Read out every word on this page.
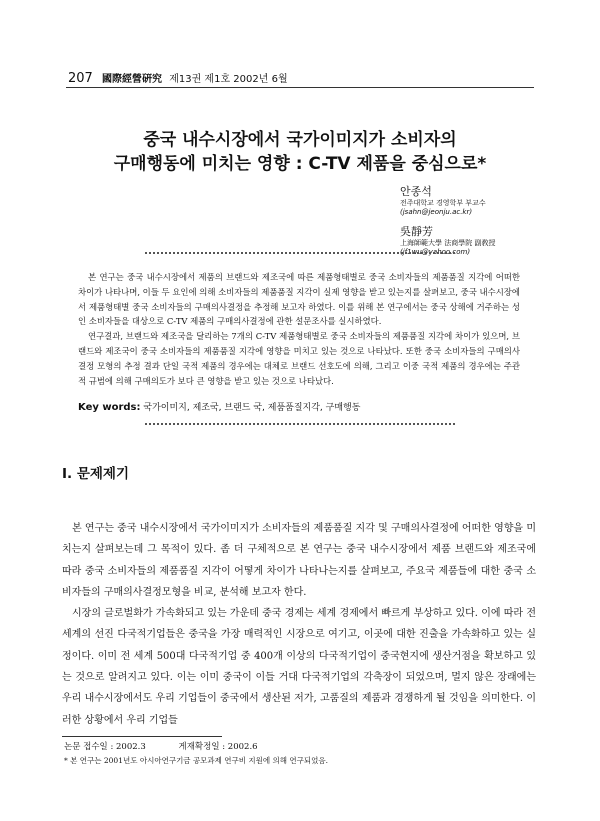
207 國際經營硏究 제13권 제1호 2002년 6월
중국 내수시장에서 국가이미지가 소비자의
구매행동에 미치는 영향 : C-TV 제품을 중심으로*
안종석
전주대학교 경영학부 부교수
(jsahn@jeonju.ac.kr)
吳靜芳
上海師範大學 法商學院 副敎授
(jf1wu@yahoo.com)

본 연구는 중국 내수시장에서 제품의 브랜드와 제조국에 따른 제품형태별로 중국 소비자들의 제품품질 지각에 어떠한 차이가 나타나며, 이들 두 요인에 의해 소비자들의 제품품질 지각이 실제 영향을 받고 있는지를 살펴보고, 중국 내수시장에서 제품형태별 중국 소비자들의 구매의사결정을 추정해 보고자 하였다. 이를 위해 본 연구에서는 중국 상해에 거주하는 성인 소비자들을 대상으로 C-TV 제품의 구매의사결정에 관한 설문조사를 실시하였다.

연구결과, 브랜드와 제조국을 달리하는 7개의 C-TV 제품형태별로 중국 소비자들의 제품품질 지각에 차이가 있으며, 브랜드와 제조국이 중국 소비자들의 제품품질 지각에 영향을 미치고 있는 것으로 나타났다. 또한 중국 소비자들의 구매의사결정 모형의 추정 결과 단일 국적 제품의 경우에는 대체로 브랜드 선호도에 의해, 그리고 이중 국적 제품의 경우에는 주관적 규범에 의해 구매의도가 보다 큰 영향을 받고 있는 것으로 나타났다.

Key words: 국가이미지, 제조국, 브랜드 국, 제품품질지각, 구매행동
Ⅰ. 문제제기

본 연구는 중국 내수시장에서 국가이미지가 소비자들의 제품품질 지각 및 구매의사결정에 어떠한 영향을 미치는지 살펴보는데 그 목적이 있다. 좀 더 구체적으로 본 연구는 중국 내수시장에서 제품 브랜드와 제조국에 따라 중국 소비자들의 제품품질 지각이 어떻게 차이가 나타나는지를 살펴보고, 주요국 제품들에 대한 중국 소비자들의 구매의사결정모형을 비교, 분석해 보고자 한다.

시장의 글로벌화가 가속화되고 있는 가운데 중국 경제는 세계 경제에서 빠르게 부상하고 있다. 이에 따라 전 세계의 선진 다국적기업들은 중국을 가장 매력적인 시장으로 여기고, 이곳에 대한 진출을 가속화하고 있는 실정이다. 이미 전 세계 500대 다국적기업 중 400개 이상의 다국적기업이 중국현지에 생산거점을 확보하고 있는 것으로 알려지고 있다. 이는 이미 중국이 이들 거대 다국적기업의 각축장이 되었으며, 멀지 않은 장래에는 우리 내수시장에서도 우리 기업들이 중국에서 생산된 저가, 고품질의 제품과 경쟁하게 될 것임을 의미한다. 이러한 상황에서 우리 기업들

논문 접수일 : 2002.3	게재확정일 : 2002.6
* 본 연구는 2001년도 아시아연구기금 공모과제 연구비 지원에 의해 연구되었음.
